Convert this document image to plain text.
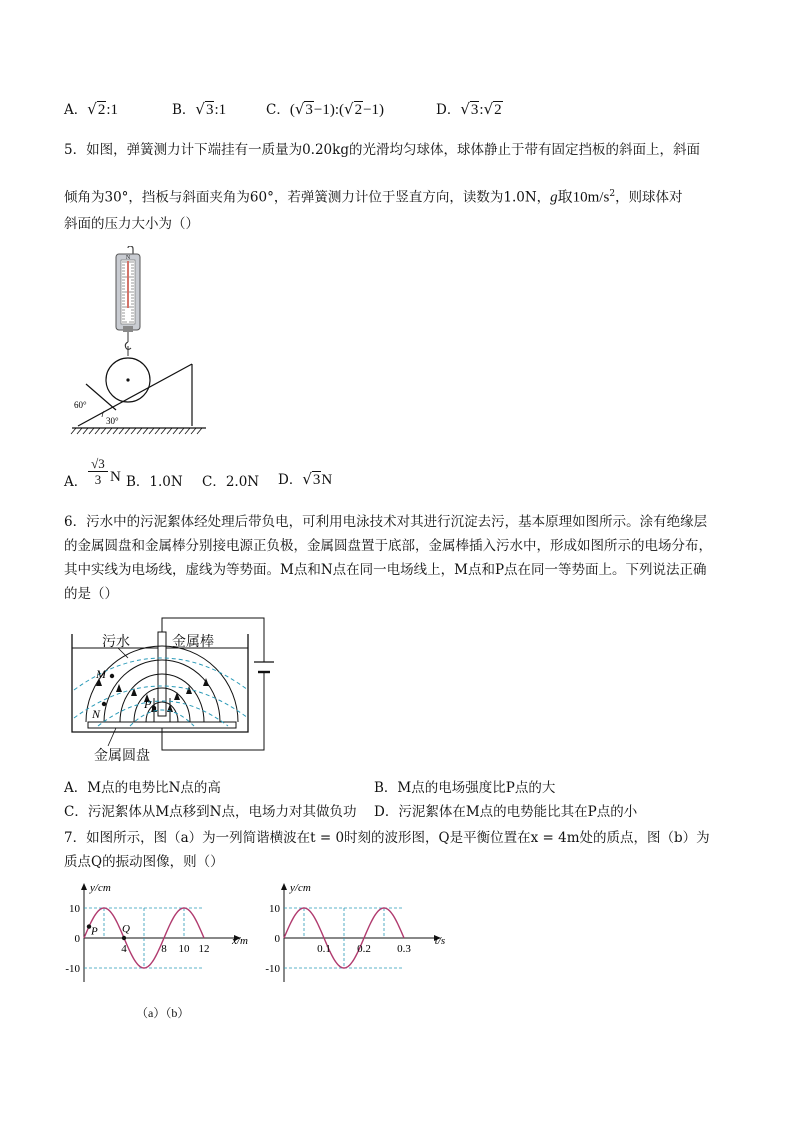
A．√2:1	B．√3:1	C．(√3−1):(√2−1)	D．√3:√2
5．如图，弹簧测力计下端挂有一质量为0.20kg的光滑均匀球体，球体静止于带有固定挡板的斜面上，斜面
倾角为30°，挡板与斜面夹角为60°，若弹簧测力计位于竖直方向，读数为1.0N，g取$10m/s^2$，则球体对
斜面的压力大小为（）
N
60°
30°
A．
√3
3 N B．1.0N C．2.0N D．√3N
6．污水中的污泥絮体经处理后带负电，可利用电泳技术对其进行沉淀去污，基本原理如图所示。涂有绝缘层
的金属圆盘和金属棒分别接电源正负极，金属圆盘置于底部，金属棒插入污水中，形成如图所示的电场分布，
其中实线为电场线，虚线为等势面。M点和N点在同一电场线上，M点和P点在同一等势面上。下列说法正确
的是（）
M
N
P
污水	金属棒
金属圆盘
A．M点的电势比N点的高	B．M点的电场强度比P点的大
C．污泥絮体从M点移到N点，电场力对其做负功 D．污泥絮体在M点的电势能比其在P点的小
7．如图所示，图（a）为一列简谐横波在t = 0时刻的波形图，Q是平衡位置在x = 4m处的质点，图（b）为
质点Q的振动图像，则（）
10
0
-10
4	8 10 12
y/cm
x/m
P Q
10
0
-10
0.1 0.2 0.3
y/cm
t/s
（a）（b）
